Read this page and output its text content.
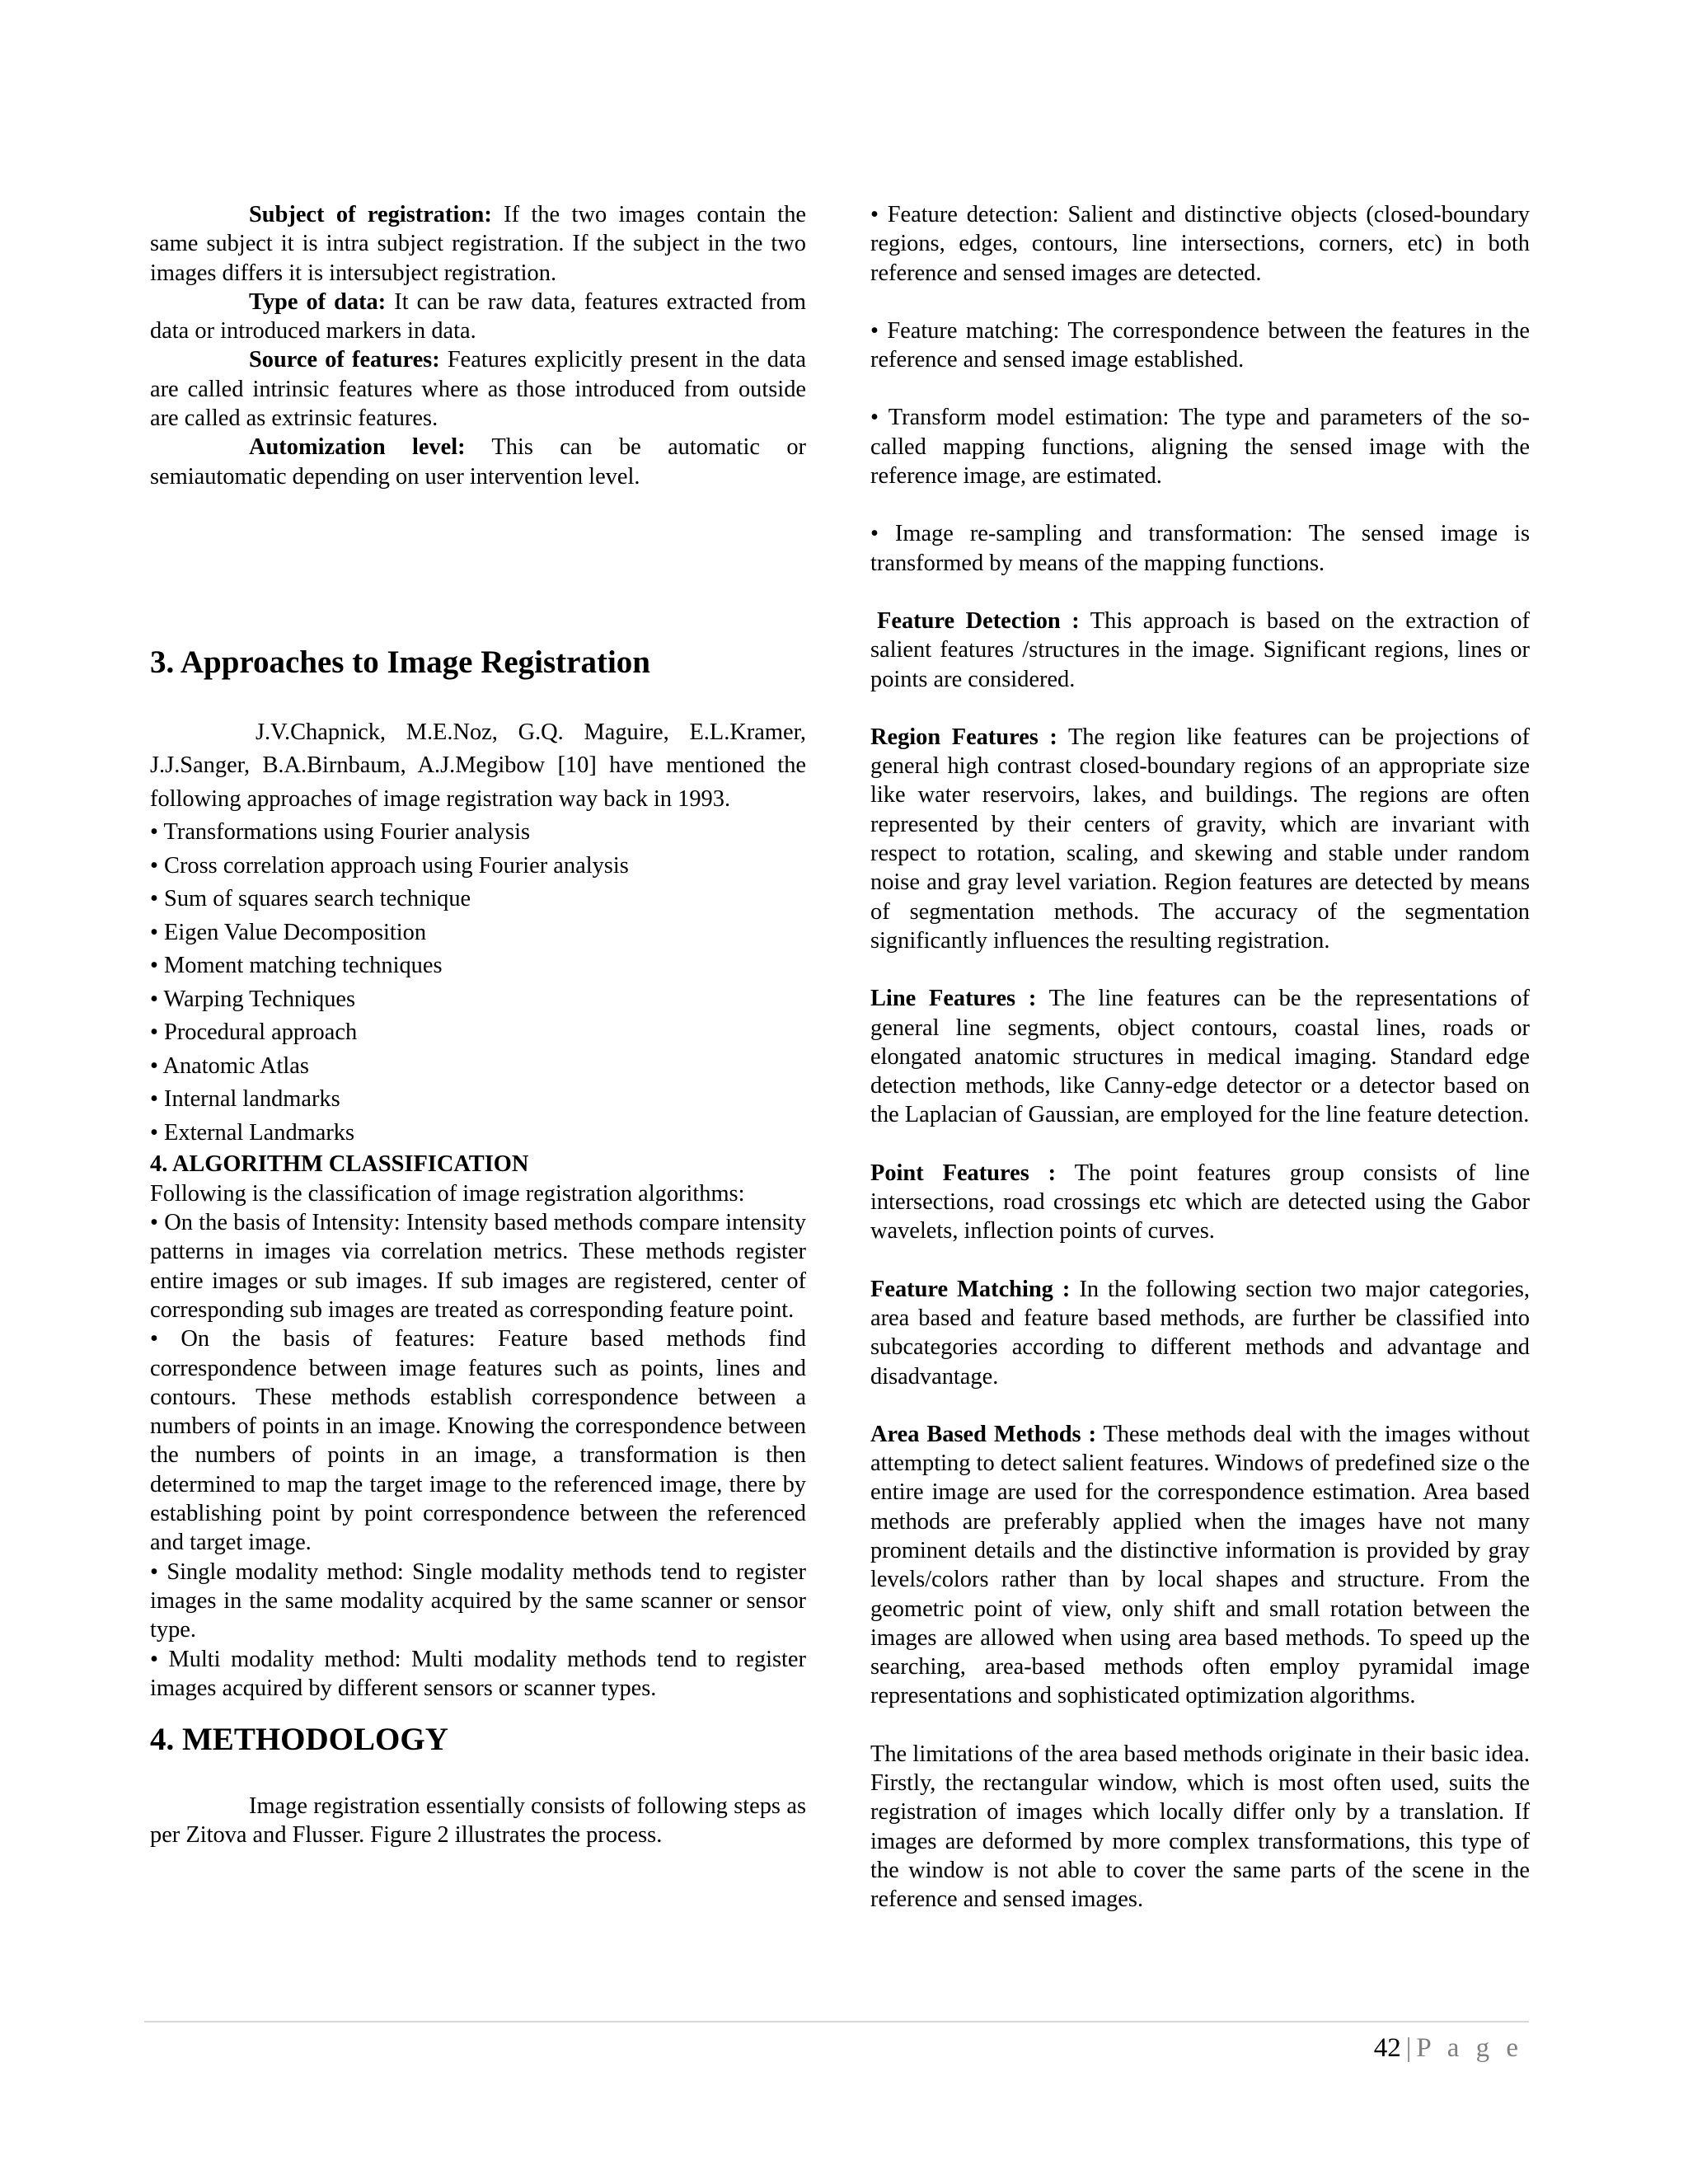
Subject of registration: If the two images contain the same subject it is intra subject registration. If the subject in the two images differs it is intersubject registration.

Type of data: It can be raw data, features extracted from data or introduced markers in data.

Source of features: Features explicitly present in the data are called intrinsic features where as those introduced from outside are called as extrinsic features.

Automization level: This can be automatic or semiautomatic depending on user intervention level.

3. Approaches to Image Registration

J.V.Chapnick, M.E.Noz, G.Q. Maguire, E.L.Kramer, J.J.Sanger, B.A.Birnbaum, A.J.Megibow [10] have mentioned the following approaches of image registration way back in 1993.

• Transformations using Fourier analysis
• Cross correlation approach using Fourier analysis
• Sum of squares search technique
• Eigen Value Decomposition
• Moment matching techniques
• Warping Techniques
• Procedural approach
• Anatomic Atlas
• Internal landmarks
• External Landmarks

4. ALGORITHM CLASSIFICATION

Following is the classification of image registration algorithms:

• On the basis of Intensity: Intensity based methods compare intensity patterns in images via correlation metrics. These methods register entire images or sub images. If sub images are registered, center of corresponding sub images are treated as corresponding feature point.

• On the basis of features: Feature based methods find correspondence between image features such as points, lines and contours. These methods establish correspondence between a numbers of points in an image. Knowing the correspondence between the numbers of points in an image, a transformation is then determined to map the target image to the referenced image, there by establishing point by point correspondence between the referenced and target image.

• Single modality method: Single modality methods tend to register images in the same modality acquired by the same scanner or sensor type.

• Multi modality method: Multi modality methods tend to register images acquired by different sensors or scanner types.

4. METHODOLOGY

Image registration essentially consists of following steps as per Zitova and Flusser. Figure 2 illustrates the process.

• Feature detection: Salient and distinctive objects (closed-boundary regions, edges, contours, line intersections, corners, etc) in both reference and sensed images are detected.

• Feature matching: The correspondence between the features in the reference and sensed image established.

• Transform model estimation: The type and parameters of the so-called mapping functions, aligning the sensed image with the reference image, are estimated.

• Image re-sampling and transformation: The sensed image is transformed by means of the mapping functions.

Feature Detection : This approach is based on the extraction of salient features /structures in the image. Significant regions, lines or points are considered.

Region Features : The region like features can be projections of general high contrast closed-boundary regions of an appropriate size like water reservoirs, lakes, and buildings. The regions are often represented by their centers of gravity, which are invariant with respect to rotation, scaling, and skewing and stable under random noise and gray level variation. Region features are detected by means of segmentation methods. The accuracy of the segmentation significantly influences the resulting registration.

Line Features : The line features can be the representations of general line segments, object contours, coastal lines, roads or elongated anatomic structures in medical imaging. Standard edge detection methods, like Canny-edge detector or a detector based on the Laplacian of Gaussian, are employed for the line feature detection.

Point Features : The point features group consists of line intersections, road crossings etc which are detected using the Gabor wavelets, inflection points of curves.

Feature Matching : In the following section two major categories, area based and feature based methods, are further be classified into subcategories according to different methods and advantage and disadvantage.

Area Based Methods : These methods deal with the images without attempting to detect salient features. Windows of predefined size o the entire image are used for the correspondence estimation. Area based methods are preferably applied when the images have not many prominent details and the distinctive information is provided by gray levels/colors rather than by local shapes and structure. From the geometric point of view, only shift and small rotation between the images are allowed when using area based methods. To speed up the searching, area-based methods often employ pyramidal image representations and sophisticated optimization algorithms.

The limitations of the area based methods originate in their basic idea. Firstly, the rectangular window, which is most often used, suits the registration of images which locally differ only by a translation. If images are deformed by more complex transformations, this type of the window is not able to cover the same parts of the scene in the reference and sensed images.

42 | P a g e
